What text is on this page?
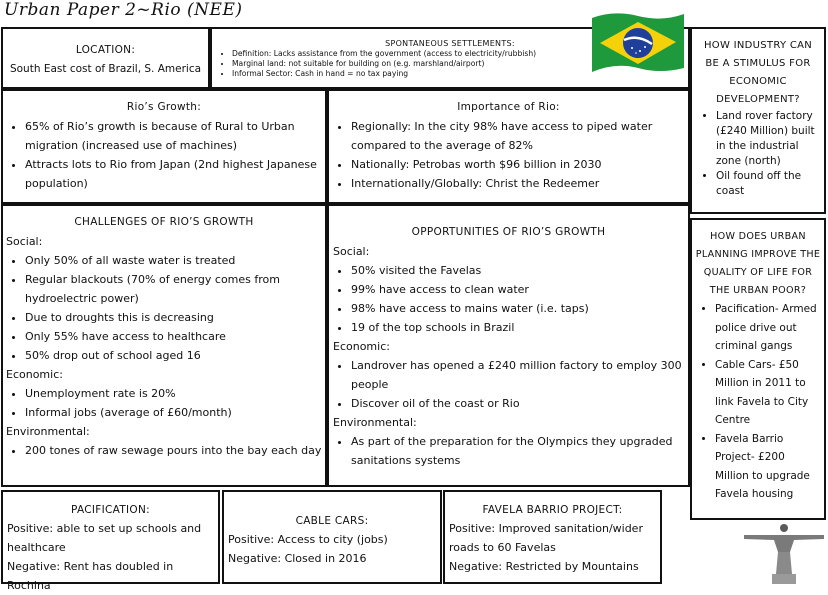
Urban Paper 2~Rio (NEE)
LOCATION:
South East cost of Brazil, S. America
SPONTANEOUS SETTLEMENTS:
• Definition: Lacks assistance from the government (access to electricity/rubbish)
• Marginal land: not suitable for building on (e.g. marshland/airport)
• Informal Sector: Cash in hand = no tax paying
HOW INDUSTRY CAN BE A STIMULUS FOR ECONOMIC DEVELOPMENT?
• Land rover factory (£240 Million) built in the industrial zone (north)
• Oil found off the coast
Rio’s Growth:
• 65% of Rio’s growth is because of Rural to Urban migration (increased use of machines)
• Attracts lots to Rio from Japan (2nd highest Japanese population)
Importance of Rio:
• Regionally: In the city 98% have access to piped water compared to the average of 82%
• Nationally: Petrobas worth $96 billion in 2030
• Internationally/Globally: Christ the Redeemer
CHALLENGES OF RIO’S GROWTH
Social:
• Only 50% of all waste water is treated
• Regular blackouts (70% of energy comes from hydroelectric power)
• Due to droughts this is decreasing
• Only 55% have access to healthcare
• 50% drop out of school aged 16
Economic:
• Unemployment rate is 20%
• Informal jobs (average of £60/month)
Environmental:
• 200 tones of raw sewage pours into the bay each day
OPPORTUNITIES OF RIO’S GROWTH
Social:
• 50% visited the Favelas
• 99% have access to clean water
• 98% have access to mains water (i.e. taps)
• 19 of the top schools in Brazil
Economic:
• Landrover has opened a £240 million factory to employ 300 people
• Discover oil of the coast or Rio
Environmental:
• As part of the preparation for the Olympics they upgraded sanitations systems
HOW DOES URBAN PLANNING IMPROVE THE QUALITY OF LIFE FOR THE URBAN POOR?
• Pacification- Armed police drive out criminal gangs
• Cable Cars- £50 Million in 2011 to link Favela to City Centre
• Favela Barrio Project- £200 Million to upgrade Favela housing
PACIFICATION:
Positive: able to set up schools and healthcare
Negative: Rent has doubled in Rochina
CABLE CARS:
Positive: Access to city (jobs)
Negative: Closed in 2016
FAVELA BARRIO PROJECT:
Positive: Improved sanitation/wider roads to 60 Favelas
Negative: Restricted by Mountains
